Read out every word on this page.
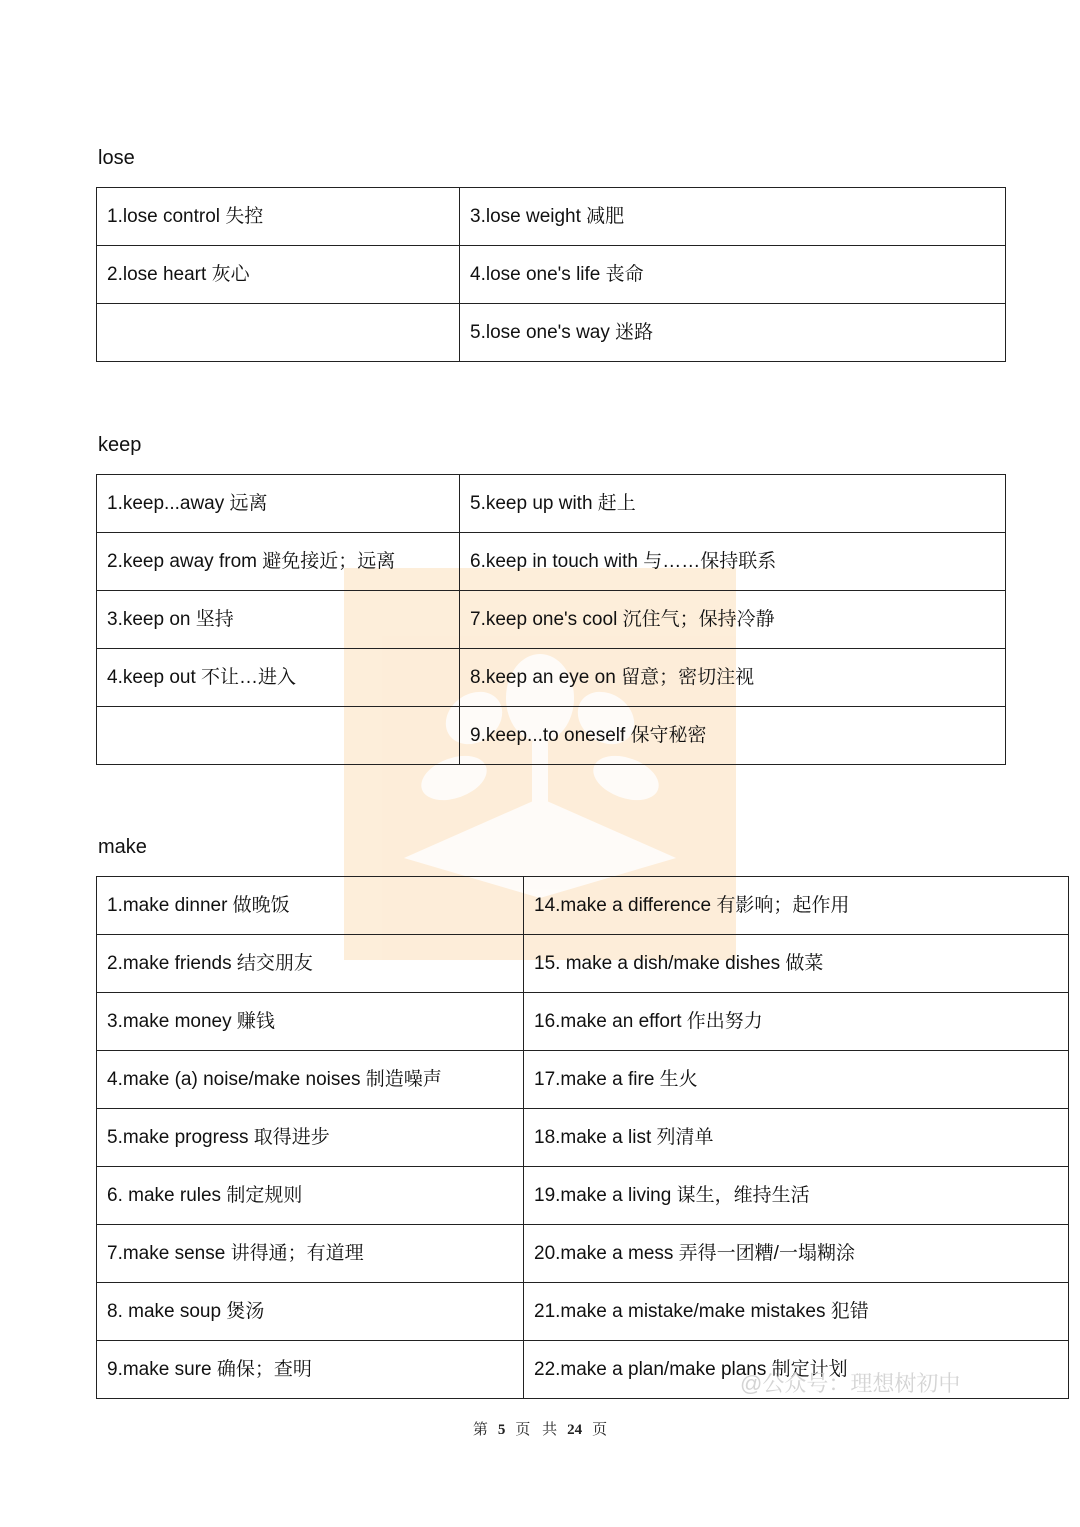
lose
1.lose control 失控	3.lose weight 减肥
2.lose heart 灰心	4.lose one's life 丧命
	5.lose one's way 迷路
keep
1.keep...away 远离	5.keep up with 赶上
2.keep away from 避免接近；远离	6.keep in touch with 与……保持联系
3.keep on 坚持	7.keep one's cool 沉住气；保持冷静
4.keep out 不让…进入	8.keep an eye on 留意；密切注视
	9.keep...to oneself 保守秘密
make
1.make dinner 做晚饭	14.make a difference 有影响；起作用
2.make friends 结交朋友	15. make a dish/make dishes 做菜
3.make money 赚钱	16.make an effort 作出努力
4.make (a) noise/make noises 制造噪声	17.make a fire 生火
5.make progress 取得进步	18.make a list 列清单
6. make rules 制定规则	19.make a living 谋生，维持生活
7.make sense 讲得通；有道理	20.make a mess 弄得一团糟/一塌糊涂
8. make soup 煲汤	21.make a mistake/make mistakes 犯错
9.make sure 确保；查明	22.make a plan/make plans 制定计划
@公众号：理想树初中
第 5 页 共 24 页
